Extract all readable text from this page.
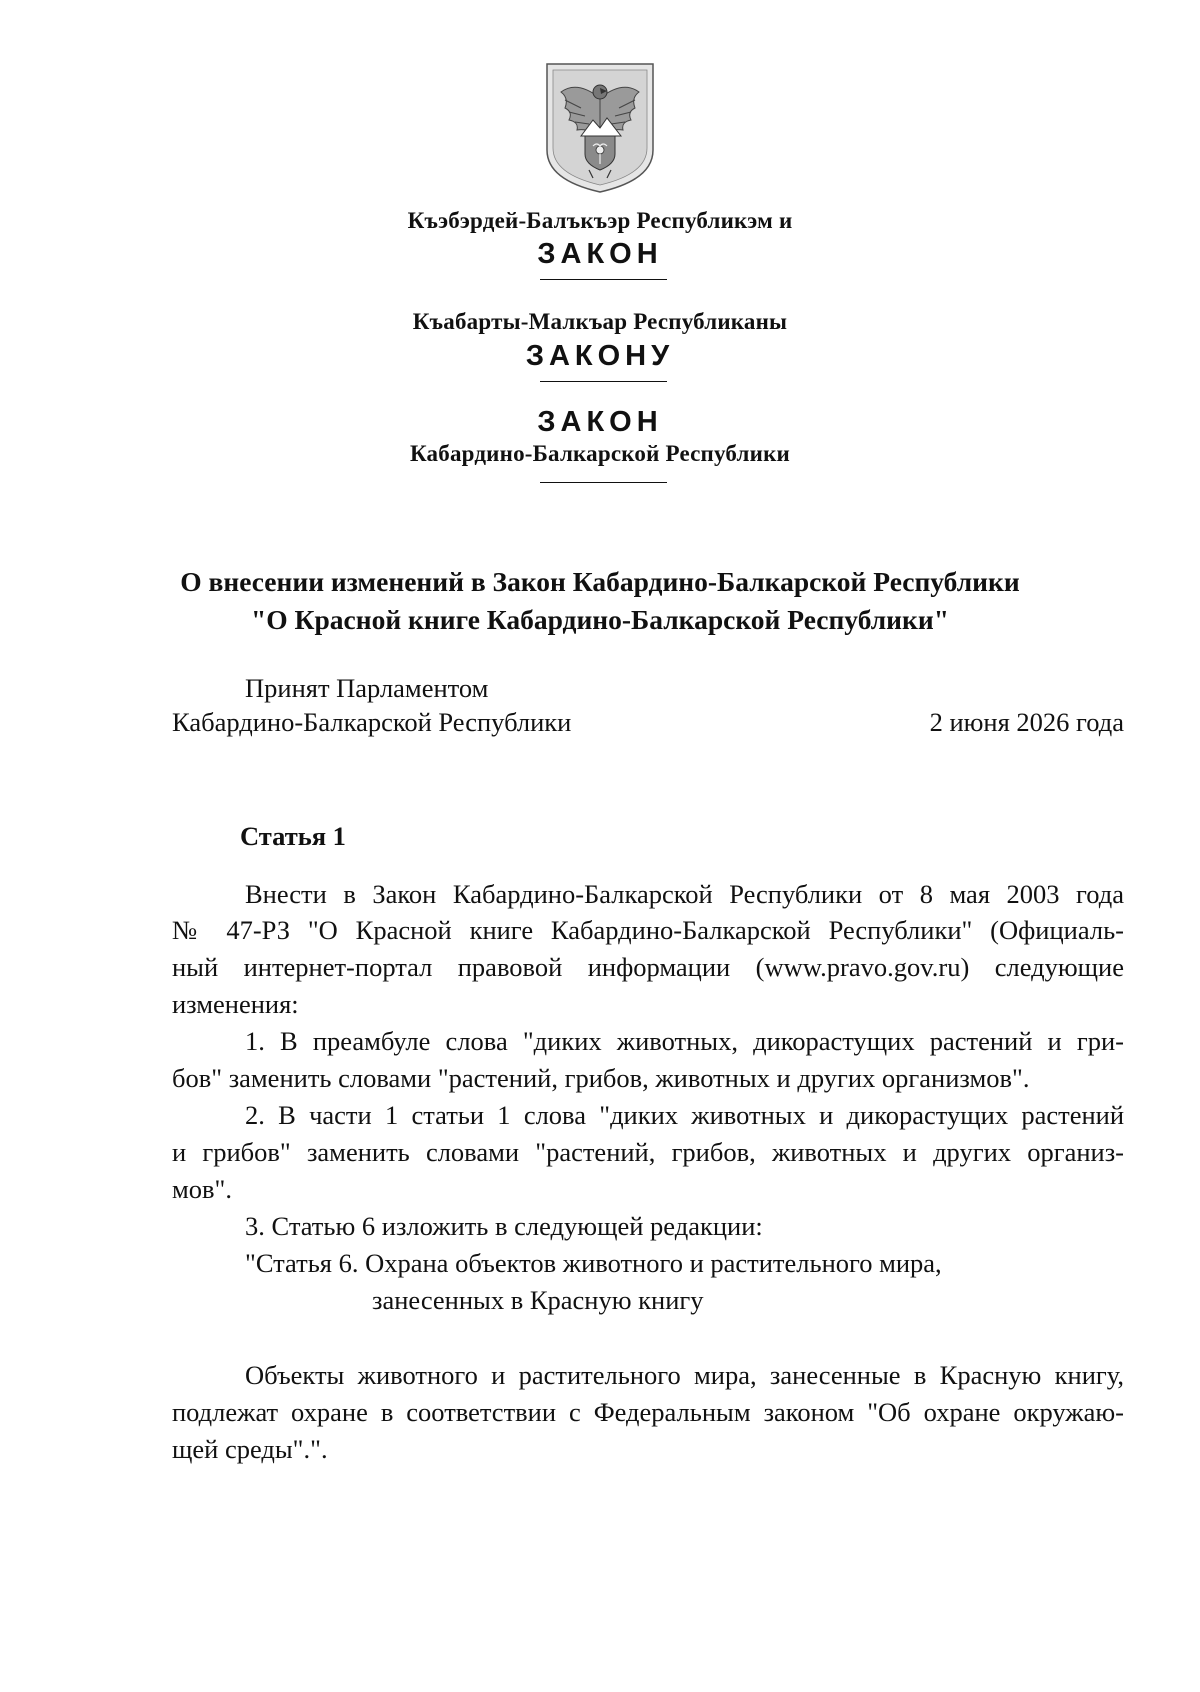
Къэбэрдей-Балъкъэр Республикэм и
ЗАКОН
Къабарты-Малкъар Республиканы
ЗАКОНУ
ЗАКОН
Кабардино-Балкарской Республики
О внесении изменений в Закон Кабардино-Балкарской Республики
"О Красной книге Кабардино-Балкарской Республики"
Принят Парламентом
Кабардино-Балкарской Республики	2 июня 2026 года
Статья 1
Внести в Закон Кабардино-Балкарской Республики от 8 мая 2003 года
№ 47-РЗ "О Красной книге Кабардино-Балкарской Республики" (Официаль-
ный интернет-портал правовой информации (www.pravo.gov.ru) следующие
изменения:
1. В преамбуле слова "диких животных, дикорастущих растений и гри-
бов" заменить словами "растений, грибов, животных и других организмов".
2. В части 1 статьи 1 слова "диких животных и дикорастущих растений
и грибов" заменить словами "растений, грибов, животных и других организ-
мов".
3. Статью 6 изложить в следующей редакции:
"Статья 6. Охрана объектов животного и растительного мира,
занесенных в Красную книгу
Объекты животного и растительного мира, занесенные в Красную книгу,
подлежат охране в соответствии с Федеральным законом "Об охране окружаю-
щей среды".".
